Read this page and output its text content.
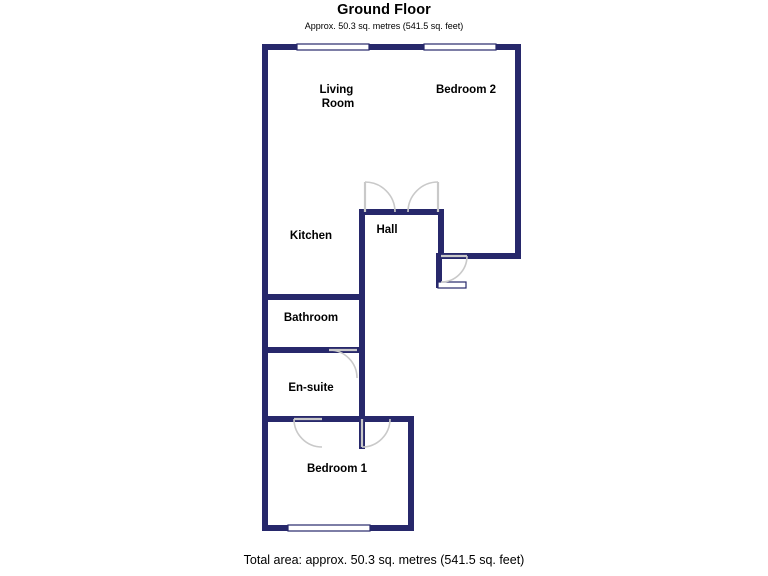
Ground Floor
Approx. 50.3 sq. metres (541.5 sq. feet)
Living Room
Bedroom 2
Kitchen	Hall
Bathroom
En-suite
Bedroom 1
Total area: approx. 50.3 sq. metres (541.5 sq. feet)
